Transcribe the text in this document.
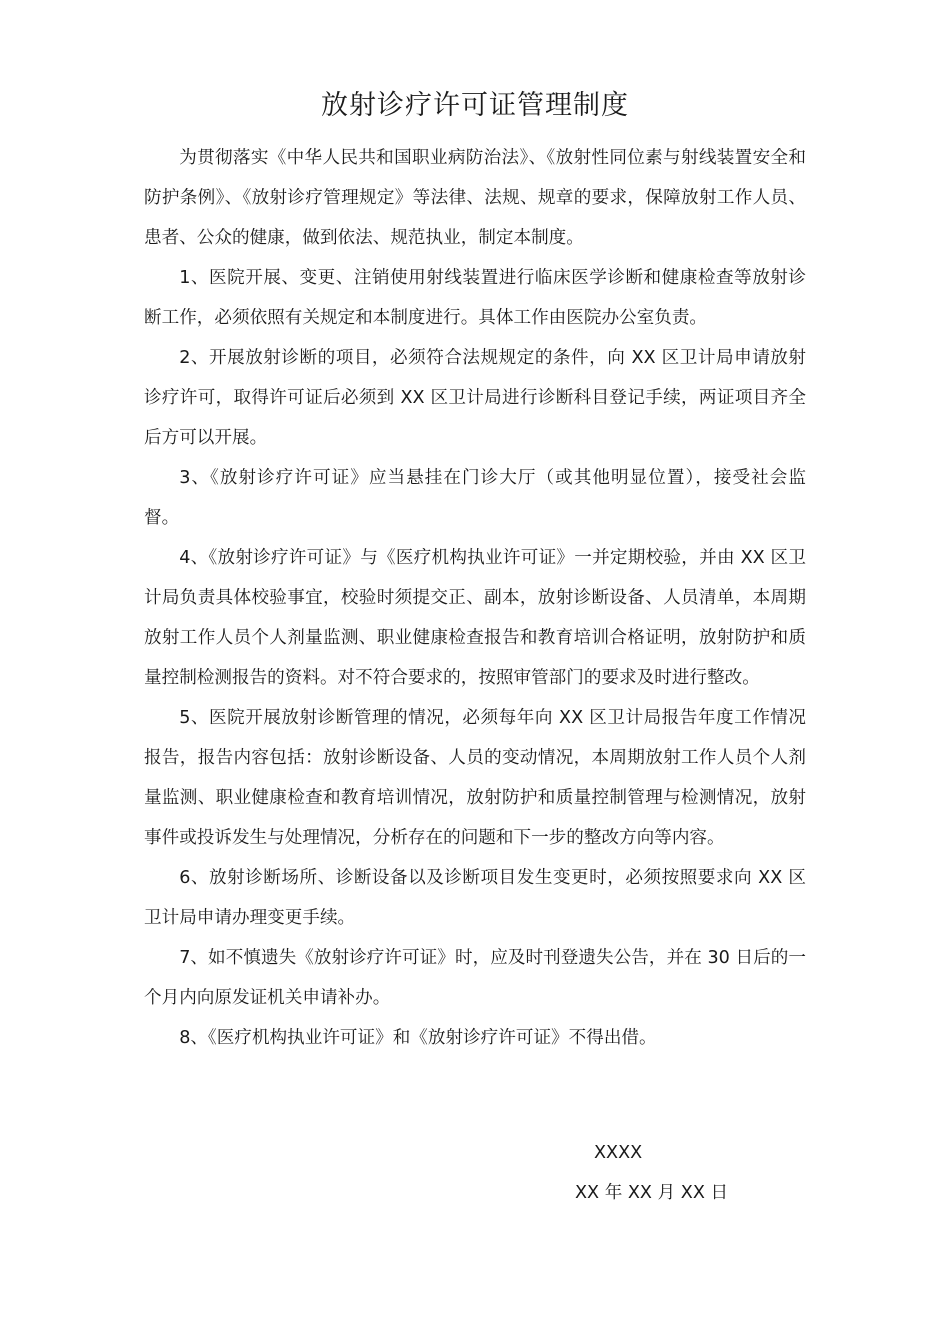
放射诊疗许可证管理制度

为贯彻落实《中华人民共和国职业病防治法》、《放射性同位素与射线装置安全和防护条例》、《放射诊疗管理规定》等法律、法规、规章的要求，保障放射工作人员、患者、公众的健康，做到依法、规范执业，制定本制度。

1、医院开展、变更、注销使用射线装置进行临床医学诊断和健康检查等放射诊断工作，必须依照有关规定和本制度进行。具体工作由医院办公室负责。

2、开展放射诊断的项目，必须符合法规规定的条件，向 XX 区卫计局申请放射诊疗许可，取得许可证后必须到 XX 区卫计局进行诊断科目登记手续，两证项目齐全后方可以开展。

3、《放射诊疗许可证》应当悬挂在门诊大厅（或其他明显位置），接受社会监督。

4、《放射诊疗许可证》与《医疗机构执业许可证》一并定期校验，并由 XX 区卫计局负责具体校验事宜，校验时须提交正、副本，放射诊断设备、人员清单，本周期放射工作人员个人剂量监测、职业健康检查报告和教育培训合格证明，放射防护和质量控制检测报告的资料。对不符合要求的，按照审管部门的要求及时进行整改。

5、医院开展放射诊断管理的情况，必须每年向 XX 区卫计局报告年度工作情况报告，报告内容包括：放射诊断设备、人员的变动情况，本周期放射工作人员个人剂量监测、职业健康检查和教育培训情况，放射防护和质量控制管理与检测情况，放射事件或投诉发生与处理情况，分析存在的问题和下一步的整改方向等内容。

6、放射诊断场所、诊断设备以及诊断项目发生变更时，必须按照要求向 XX 区卫计局申请办理变更手续。

7、如不慎遗失《放射诊疗许可证》时，应及时刊登遗失公告，并在 30 日后的一个月内向原发证机关申请补办。

8、《医疗机构执业许可证》和《放射诊疗许可证》不得出借。

XXXX

XX 年 XX 月 XX 日
